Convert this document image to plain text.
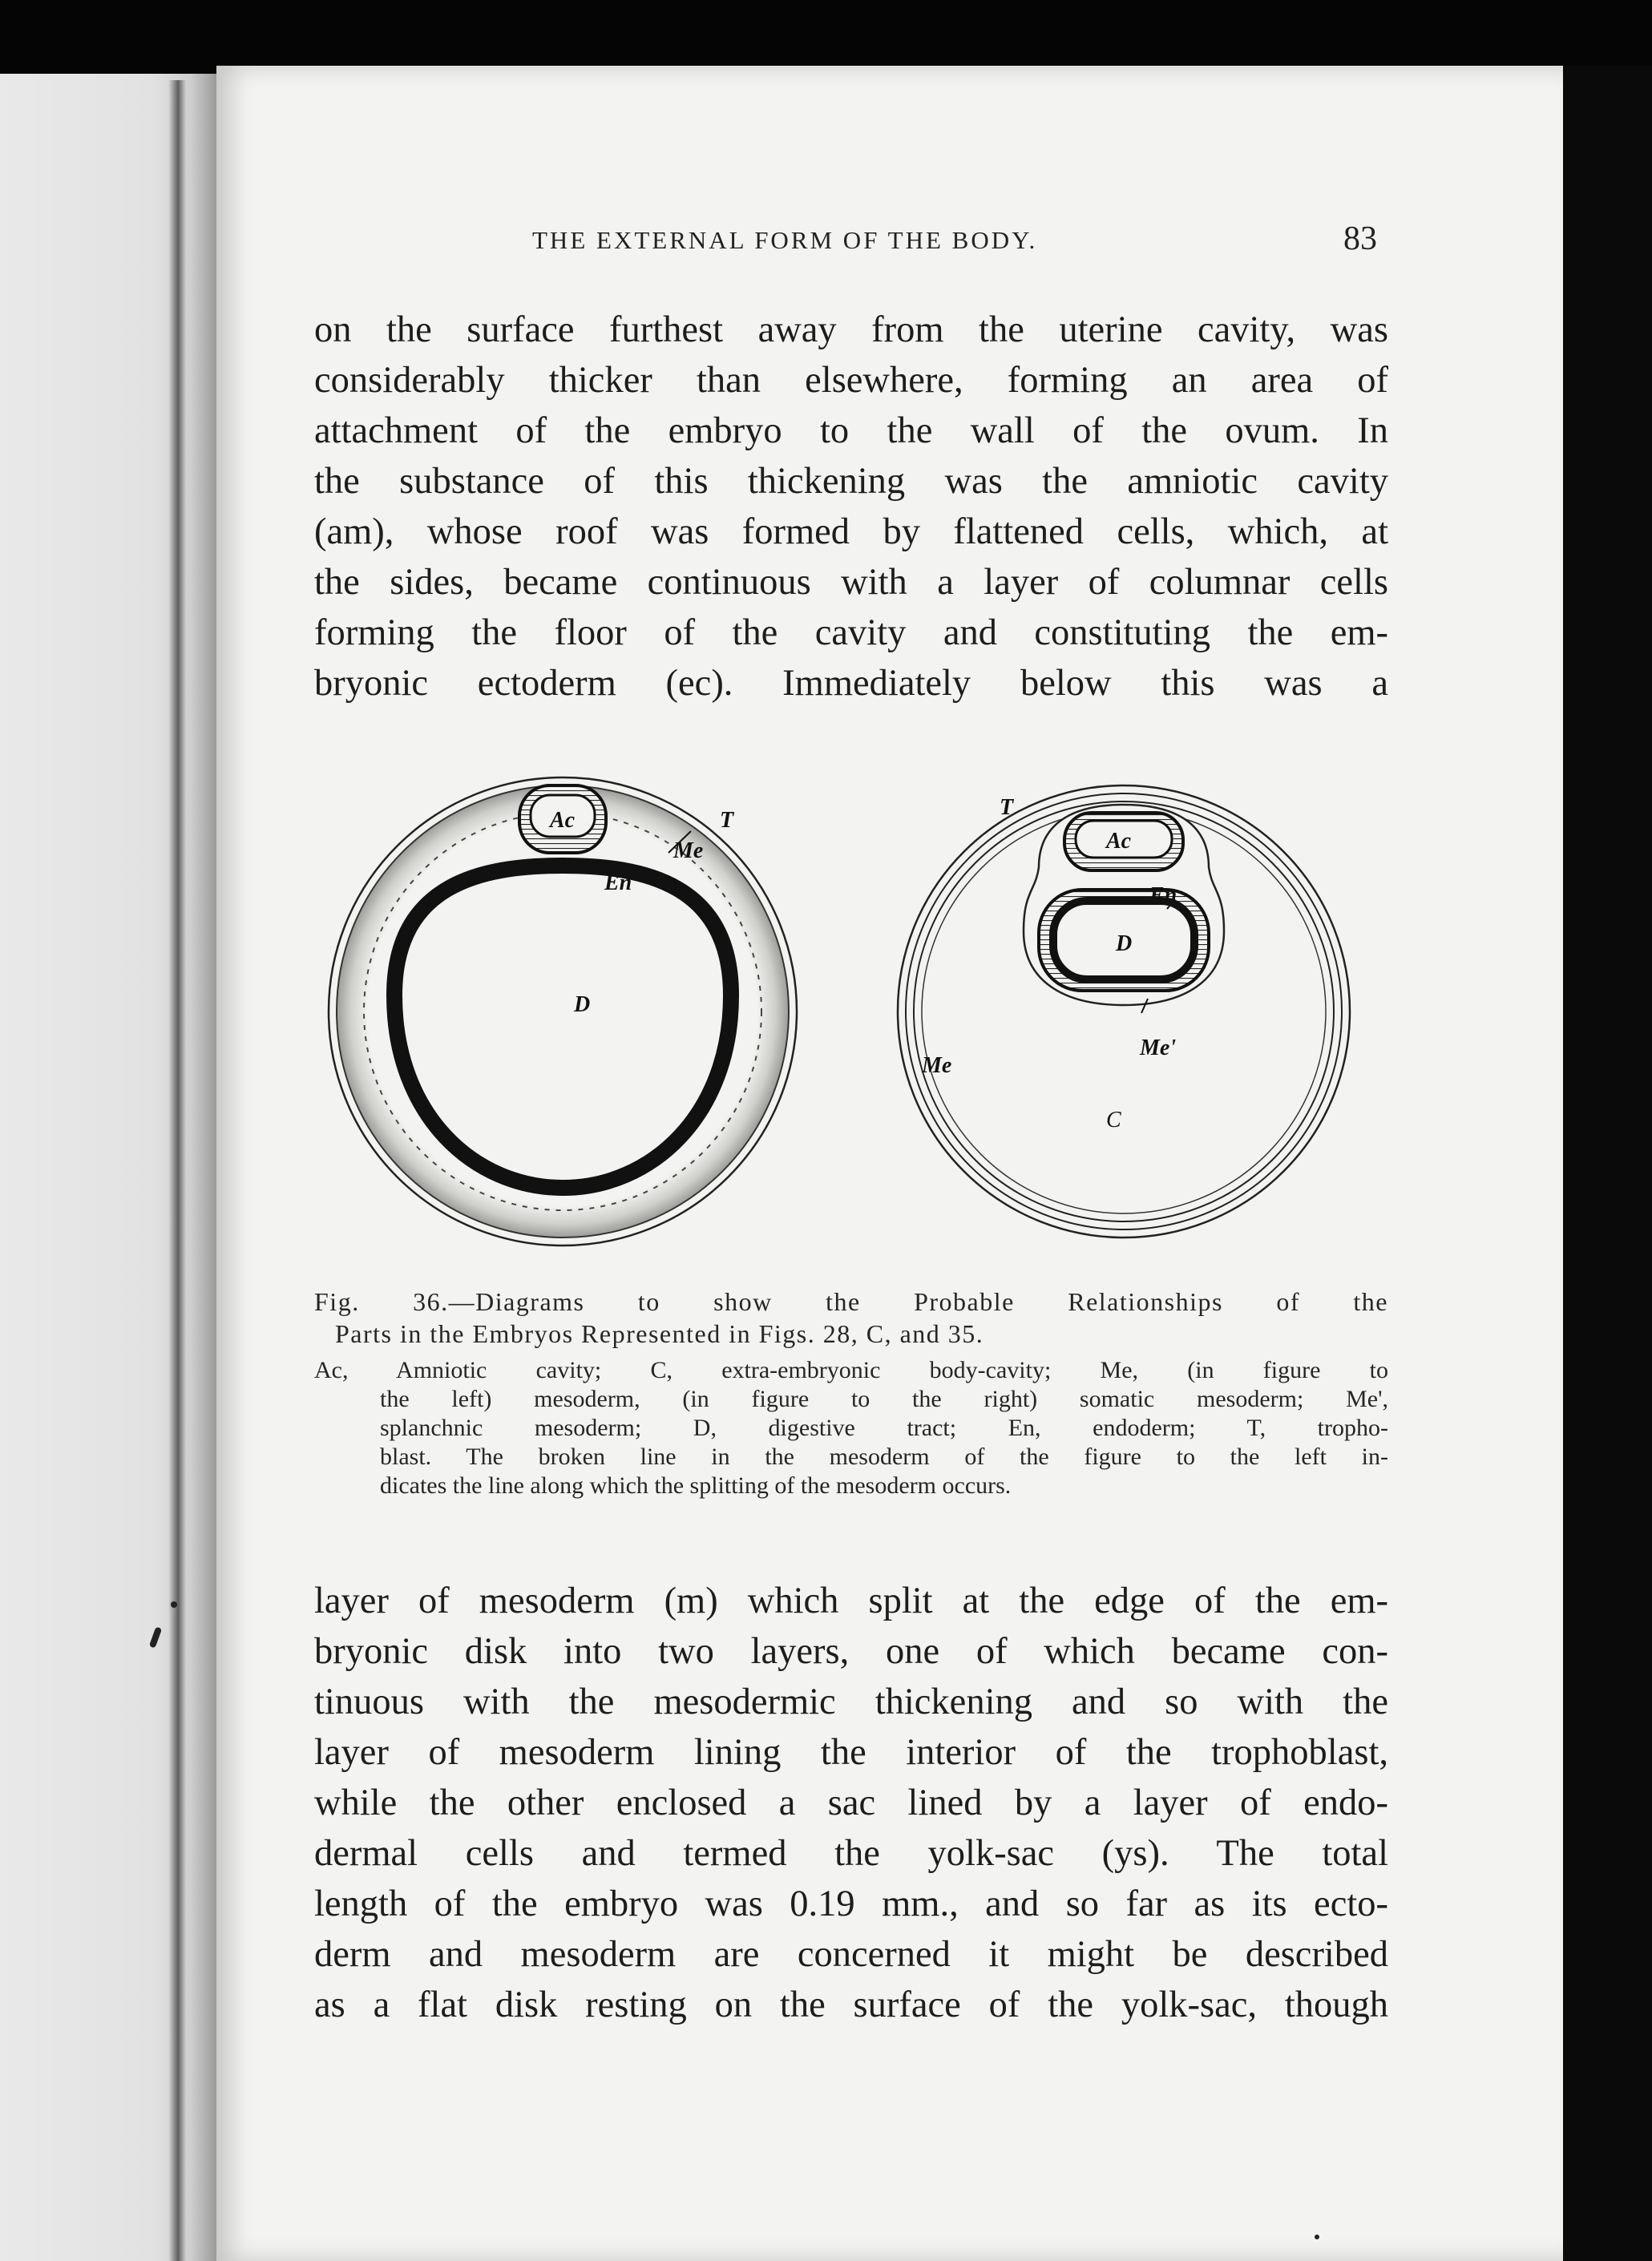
THE EXTERNAL FORM OF THE BODY.	83
on the surface furthest away from the uterine cavity, was
considerably thicker than elsewhere, forming an area of
attachment of the embryo to the wall of the ovum. In
the substance of this thickening was the amniotic cavity
(am), whose roof was formed by flattened cells, which, at
the sides, became continuous with a layer of columnar cells
forming the floor of the cavity and constituting the em-
bryonic ectoderm (ec). Immediately below this was a
Ac
Me
T
En
D
T
Ac
En
D
Me'
Me
C
Fig. 36.—Diagrams to show the Probable Relationships of the
Parts in the Embryos Represented in Figs. 28, C, and 35.
Ac, Amniotic cavity; C, extra-embryonic body-cavity; Me, (in figure to
the left) mesoderm, (in figure to the right) somatic mesoderm; Me',
splanchnic mesoderm; D, digestive tract; En, endoderm; T, tropho-
blast. The broken line in the mesoderm of the figure to the left in-
dicates the line along which the splitting of the mesoderm occurs.
layer of mesoderm (m) which split at the edge of the em-
bryonic disk into two layers, one of which became con-
tinuous with the mesodermic thickening and so with the
layer of mesoderm lining the interior of the trophoblast,
while the other enclosed a sac lined by a layer of endo-
dermal cells and termed the yolk-sac (ys). The total
length of the embryo was 0.19 mm., and so far as its ecto-
derm and mesoderm are concerned it might be described
as a flat disk resting on the surface of the yolk-sac, though
